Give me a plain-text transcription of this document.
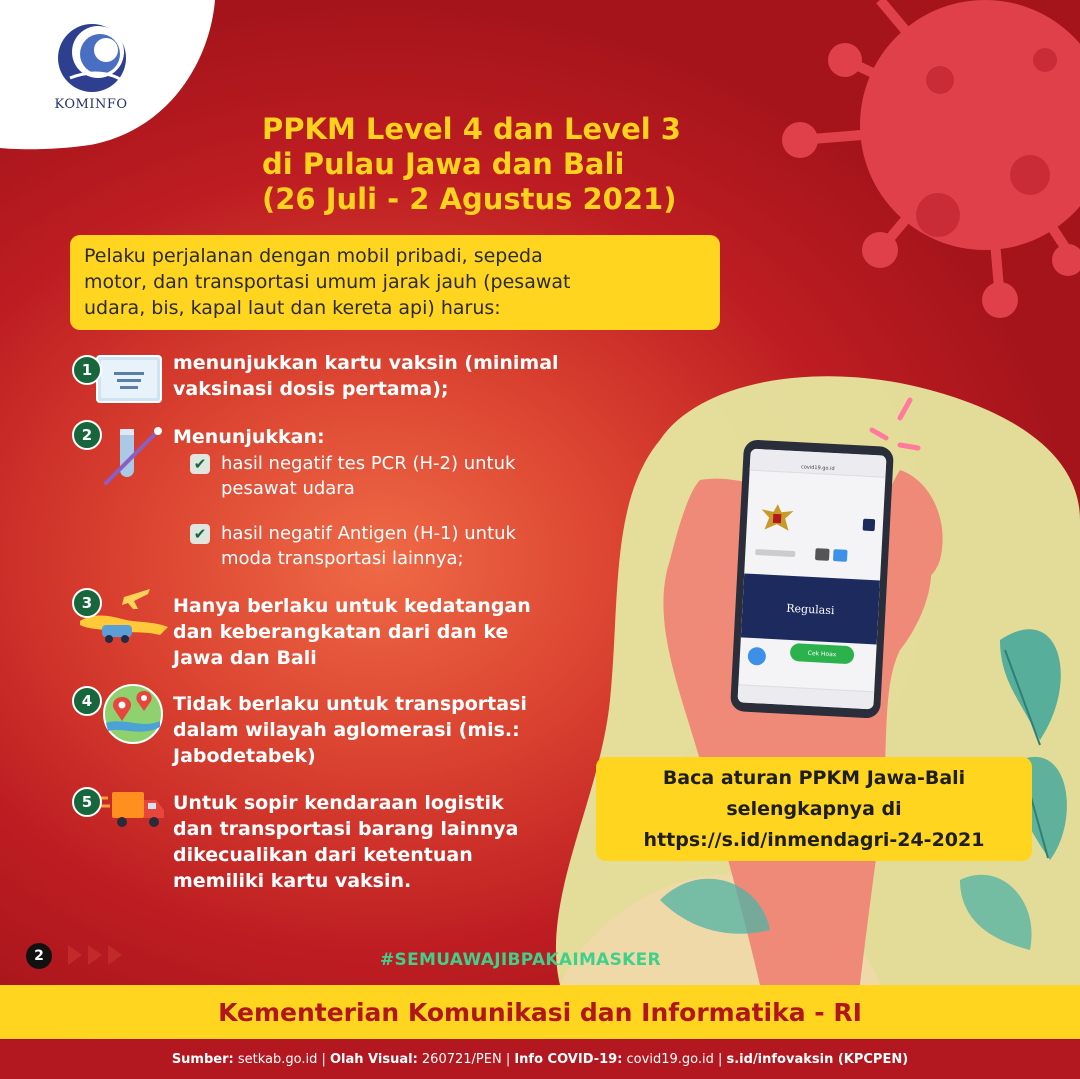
KOMINFO
PPKM Level 4 dan Level 3
di Pulau Jawa dan Bali
(26 Juli - 2 Agustus 2021)
Pelaku perjalanan dengan mobil pribadi, sepeda
motor, dan transportasi umum jarak jauh (pesawat
udara, bis, kapal laut dan kereta api) harus:
1	menunjukkan kartu vaksin (minimal
vaksinasi dosis pertama);
2	Menunjukkan:
✔ hasil negatif tes PCR (H-2) untuk
pesawat udara
✔ hasil negatif Antigen (H-1) untuk
moda transportasi lainnya;
3	Hanya berlaku untuk kedatangan
dan keberangkatan dari dan ke
Jawa dan Bali
4	Tidak berlaku untuk transportasi
dalam wilayah aglomerasi (mis.:
Jabodetabek)
5	Untuk sopir kendaraan logistik
dan transportasi barang lainnya
dikecualikan dari ketentuan
memiliki kartu vaksin.
covid19.go.id
Regulasi
Cek Hoax
Baca aturan PPKM Jawa-Bali
selengkapnya di
https://s.id/inmendagri-24-2021
2	#SEMUAWAJIBPAKAIMASKER
Kementerian Komunikasi dan Informatika - RI
Sumber: setkab.go.id | Olah Visual: 260721/PEN | Info COVID-19: covid19.go.id | s.id/infovaksin (KPCPEN)
